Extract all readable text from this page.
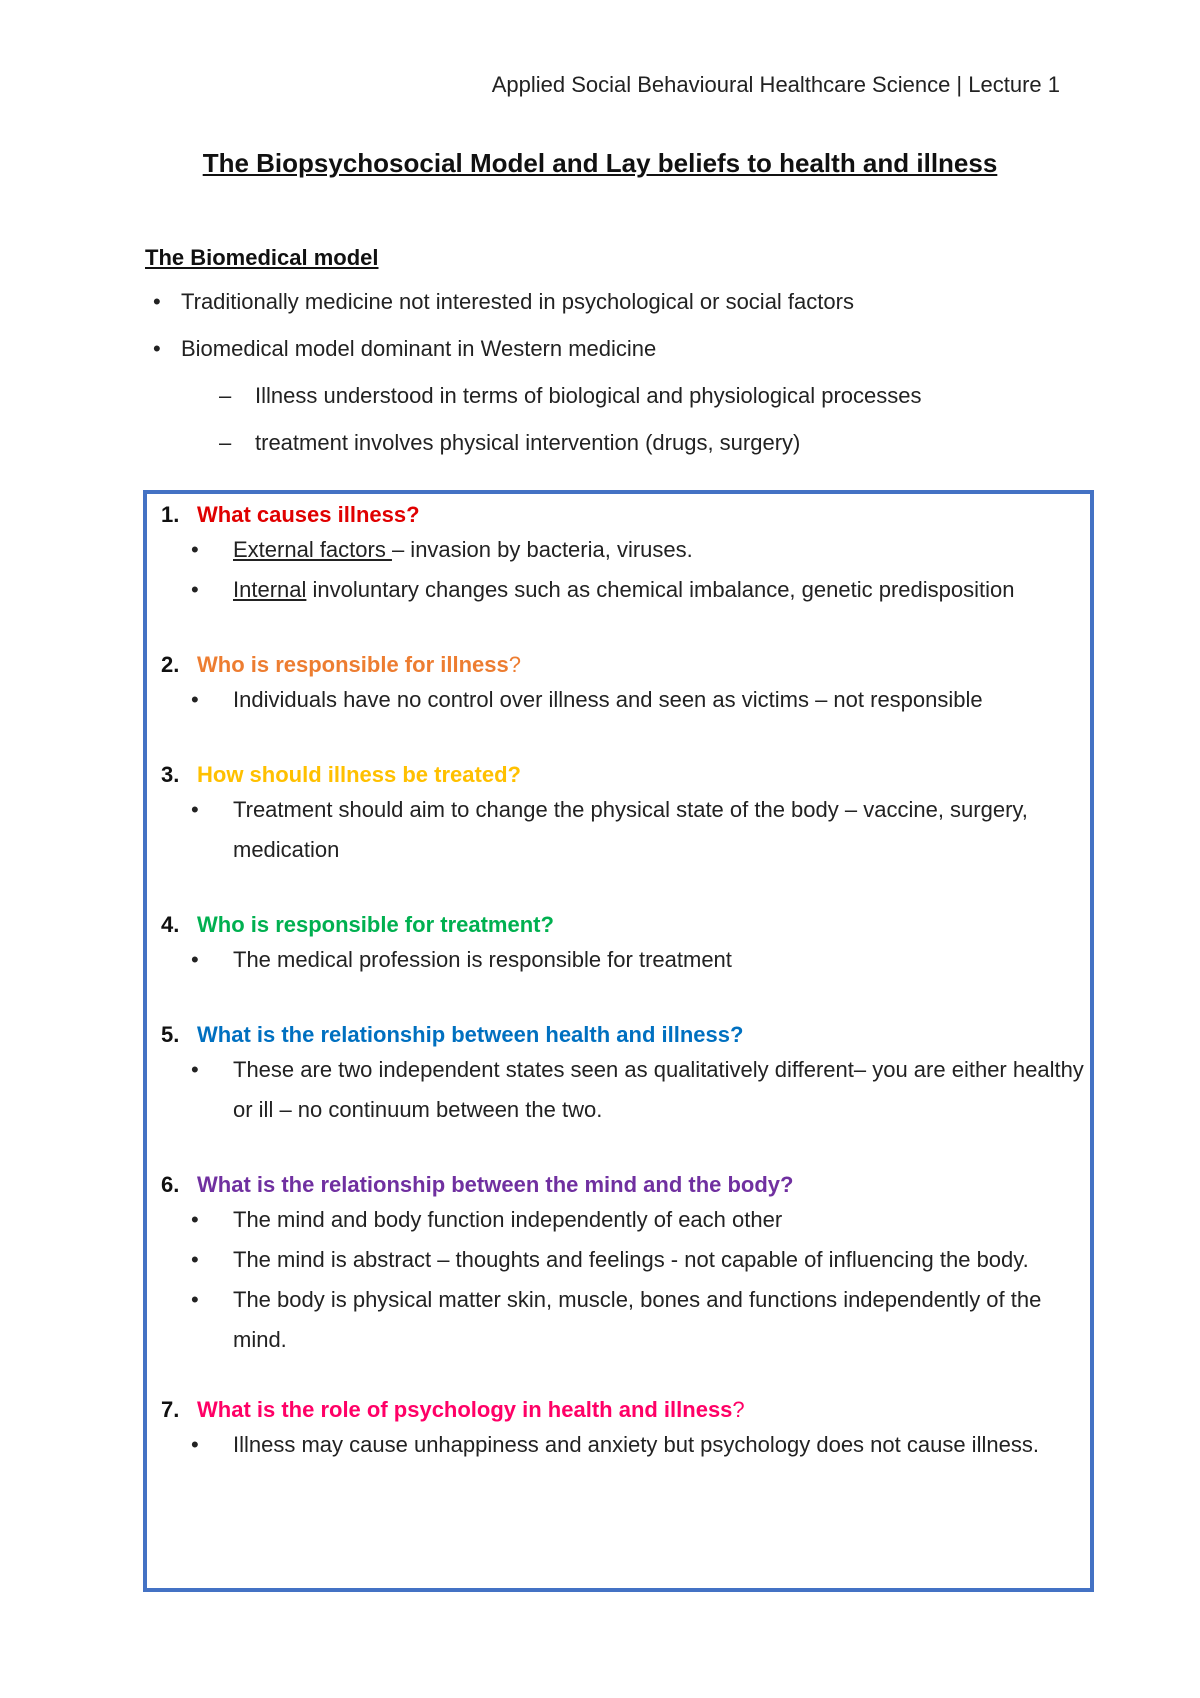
Applied Social Behavioural Healthcare Science | Lecture 1
The Biopsychosocial Model and Lay beliefs to health and illness
The Biomedical model
• Traditionally medicine not interested in psychological or social factors
• Biomedical model dominant in Western medicine
– Illness understood in terms of biological and physiological processes
– treatment involves physical intervention (drugs, surgery)
1. What causes illness?
• External factors – invasion by bacteria, viruses.
• Internal involuntary changes such as chemical imbalance, genetic predisposition
2. Who is responsible for illness?
• Individuals have no control over illness and seen as victims – not responsible
3. How should illness be treated?
• Treatment should aim to change the physical state of the body – vaccine, surgery, medication
4. Who is responsible for treatment?
• The medical profession is responsible for treatment
5. What is the relationship between health and illness?
• These are two independent states seen as qualitatively different– you are either healthy or ill – no continuum between the two.
6. What is the relationship between the mind and the body?
• The mind and body function independently of each other
• The mind is abstract – thoughts and feelings - not capable of influencing the body.
• The body is physical matter skin, muscle, bones and functions independently of the mind.
7. What is the role of psychology in health and illness?
• Illness may cause unhappiness and anxiety but psychology does not cause illness.
